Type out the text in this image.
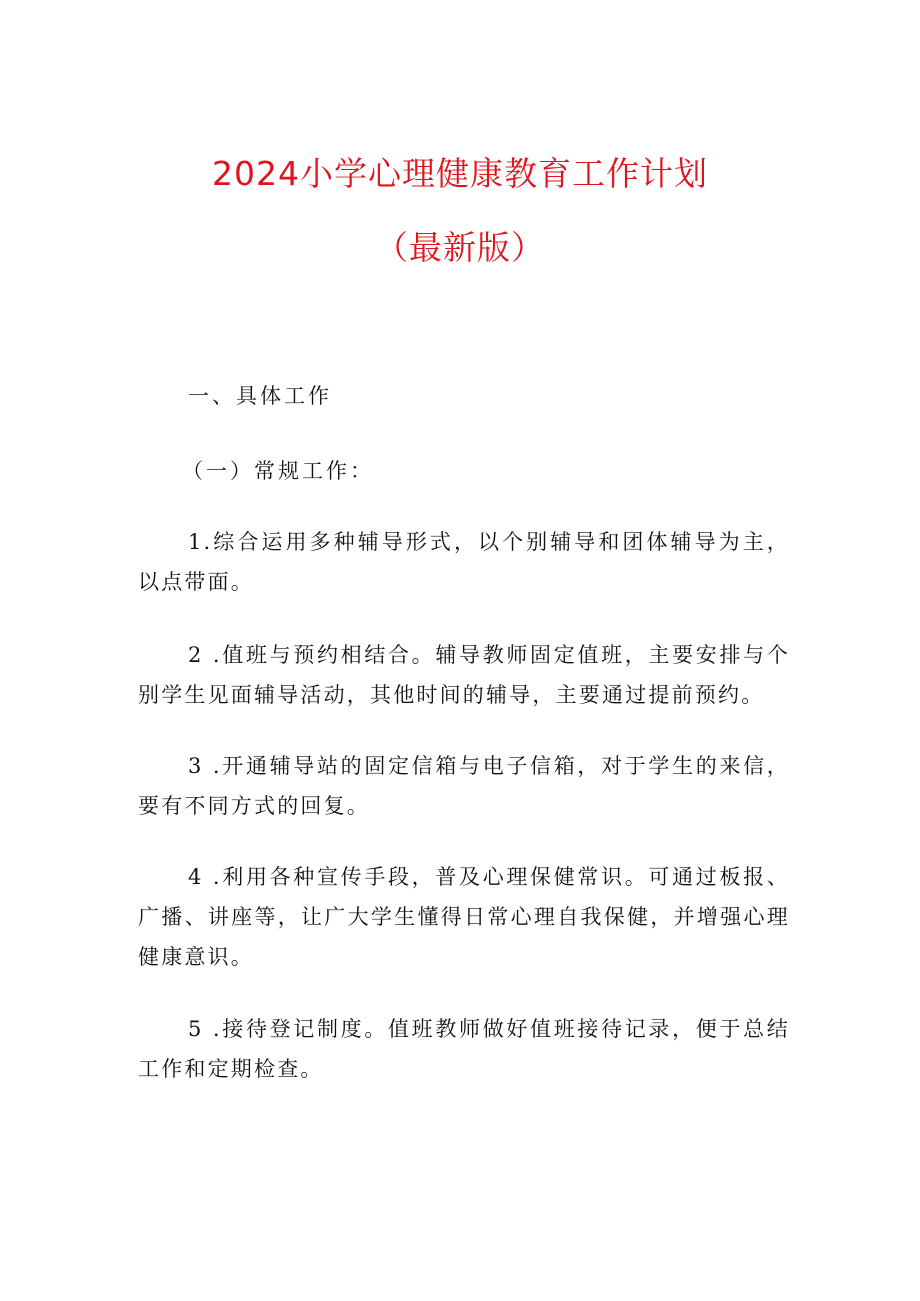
2024小学心理健康教育工作计划
（最新版）

一、具体工作

（一）常规工作：

1.综合运用多种辅导形式，以个别辅导和团体辅导为主，以点带面。

2 .值班与预约相结合。辅导教师固定值班，主要安排与个别学生见面辅导活动，其他时间的辅导，主要通过提前预约。

3 .开通辅导站的固定信箱与电子信箱，对于学生的来信，要有不同方式的回复。

4 .利用各种宣传手段，普及心理保健常识。可通过板报、广播、讲座等，让广大学生懂得日常心理自我保健，并增强心理健康意识。

5 .接待登记制度。值班教师做好值班接待记录，便于总结工作和定期检查。
